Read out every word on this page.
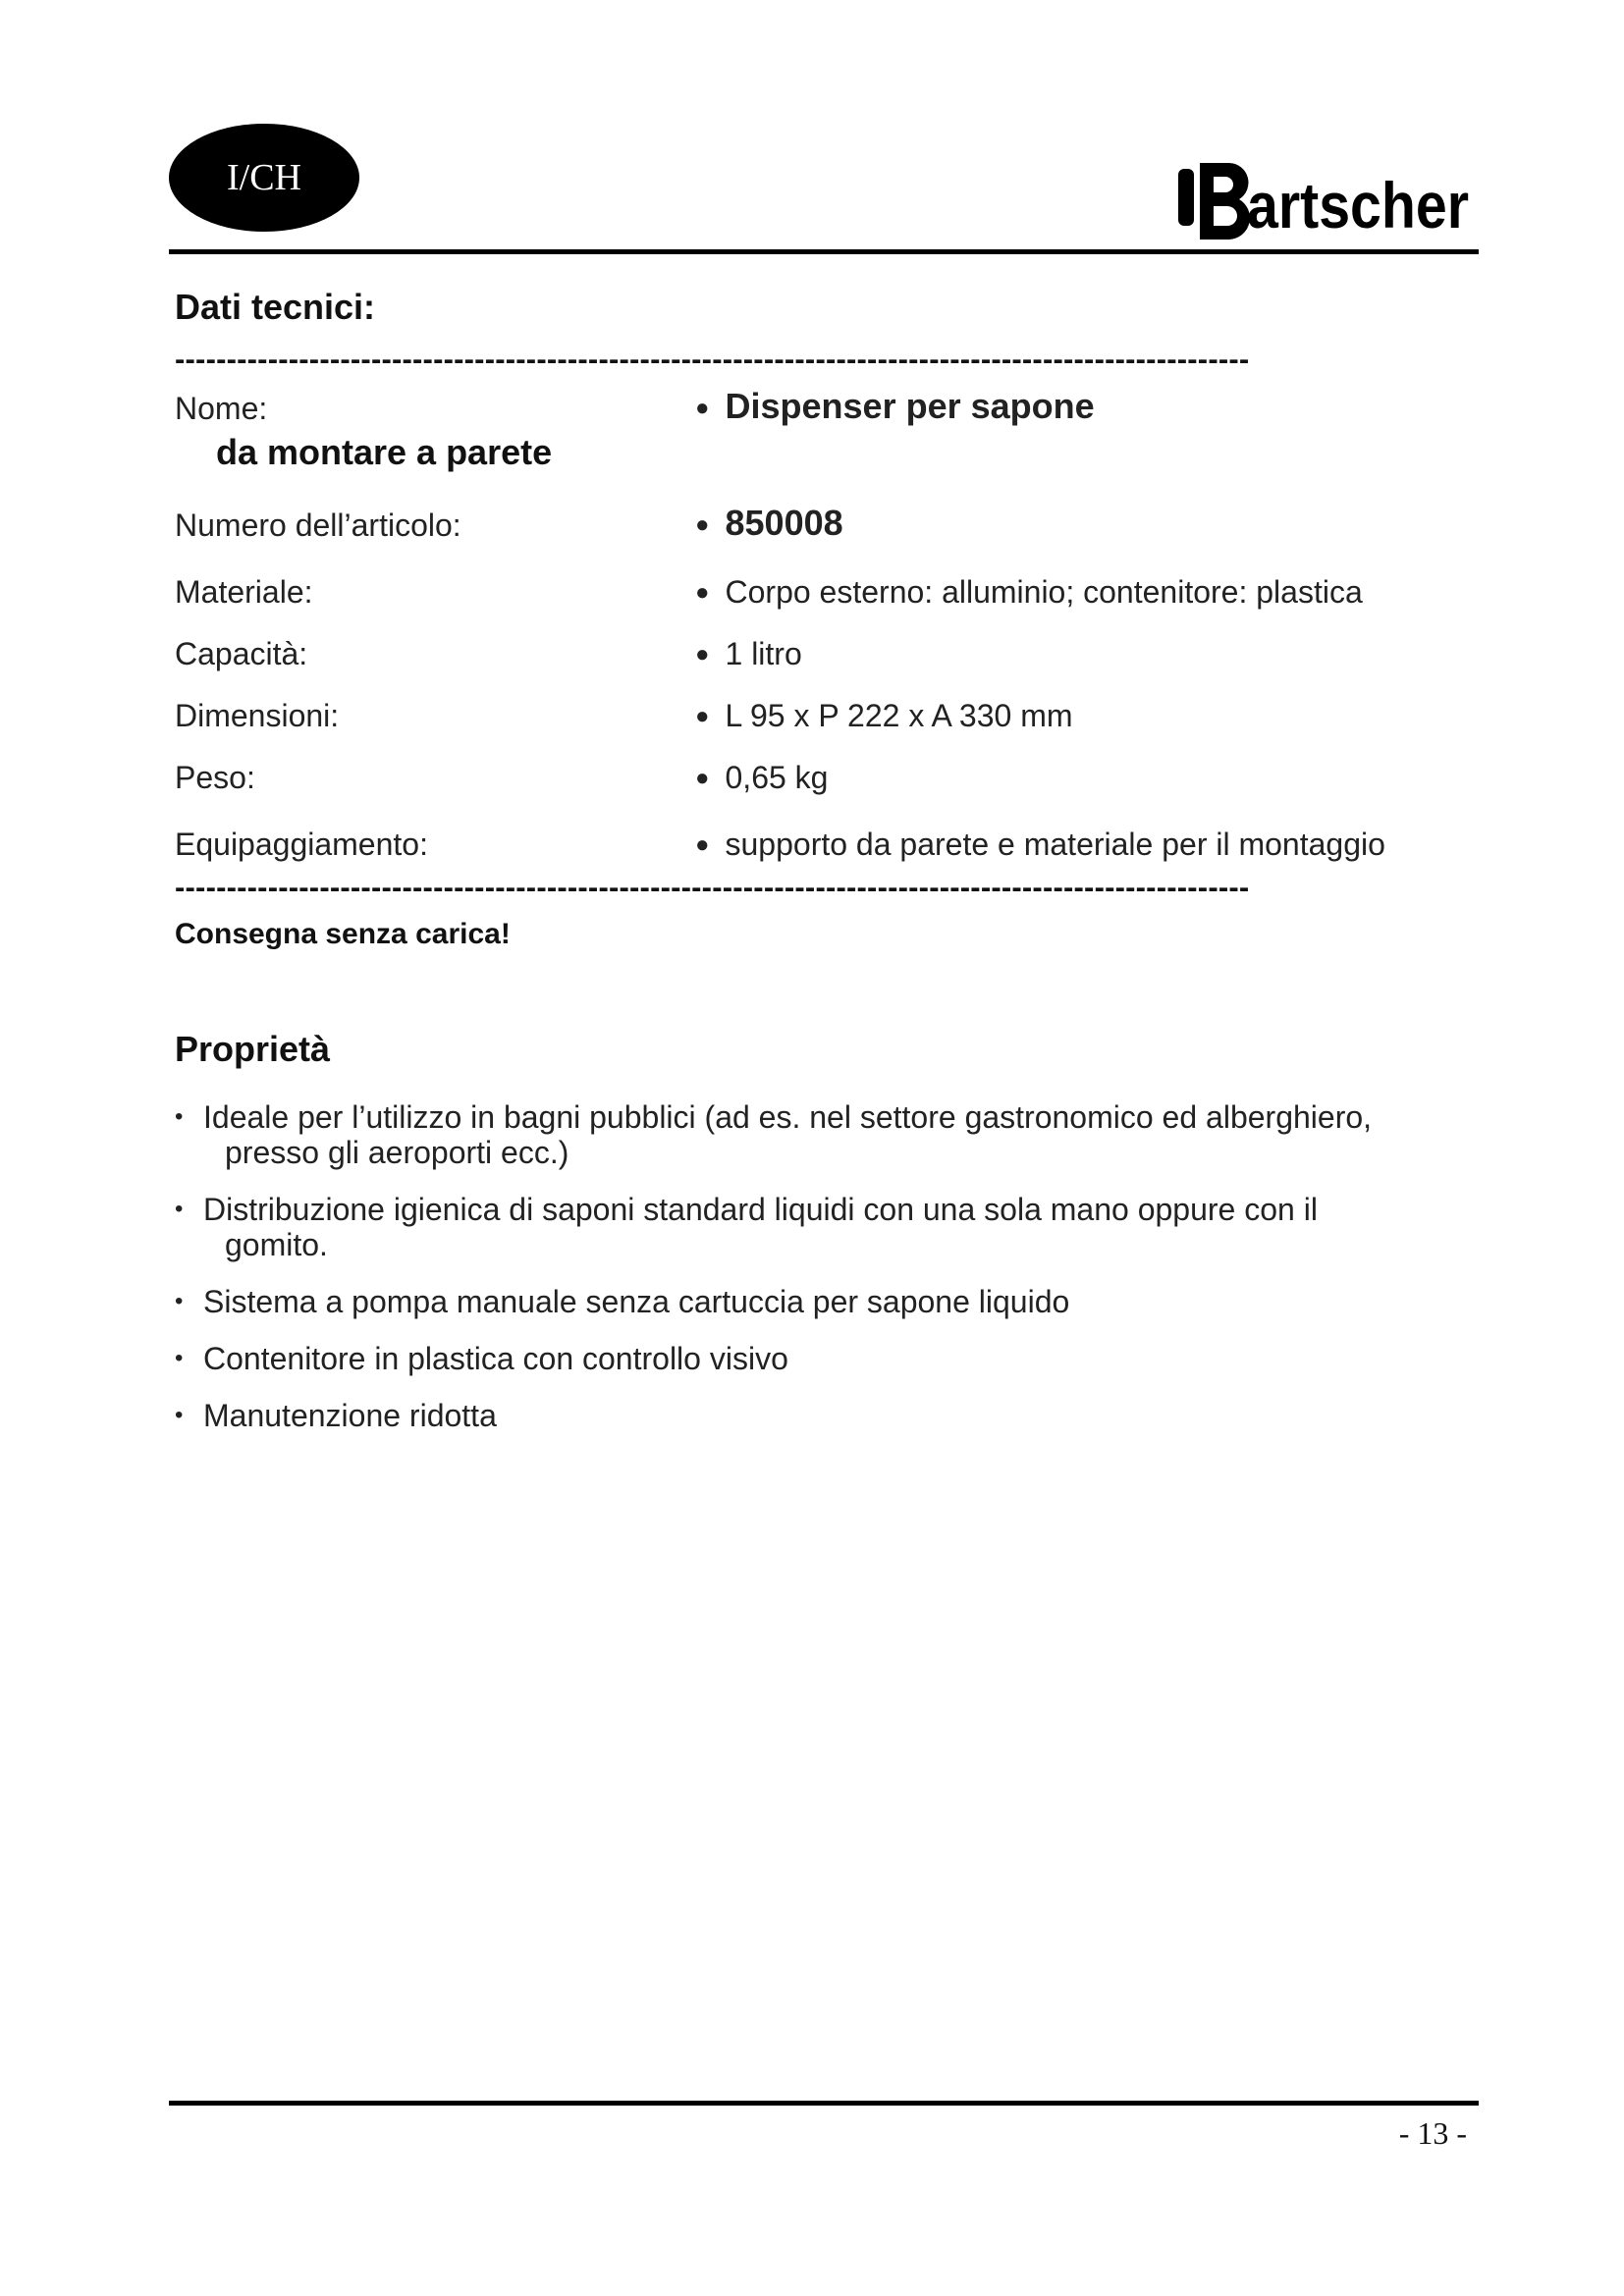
I/CH	artscher
Dati tecnici:
--------------------------------------------------------------------------------------------------------
Nome:	● Dispenser per sapone
da montare a parete
Numero dell’articolo:	● 850008
Materiale:	● Corpo esterno: alluminio; contenitore: plastica
Capacità:	● 1 litro
Dimensioni:	● L 95 x P 222 x A 330 mm
Peso:	● 0,65 kg
Equipaggiamento:	● supporto da parete e materiale per il montaggio
--------------------------------------------------------------------------------------------------------
Consegna senza carica!
Proprietà
• Ideale per l’utilizzo in bagni pubblici (ad es. nel settore gastronomico ed alberghiero,
presso gli aeroporti ecc.)
• Distribuzione igienica di saponi standard liquidi con una sola mano oppure con il
gomito.
• Sistema a pompa manuale senza cartuccia per sapone liquido
• Contenitore in plastica con controllo visivo
• Manutenzione ridotta
- 13 -
